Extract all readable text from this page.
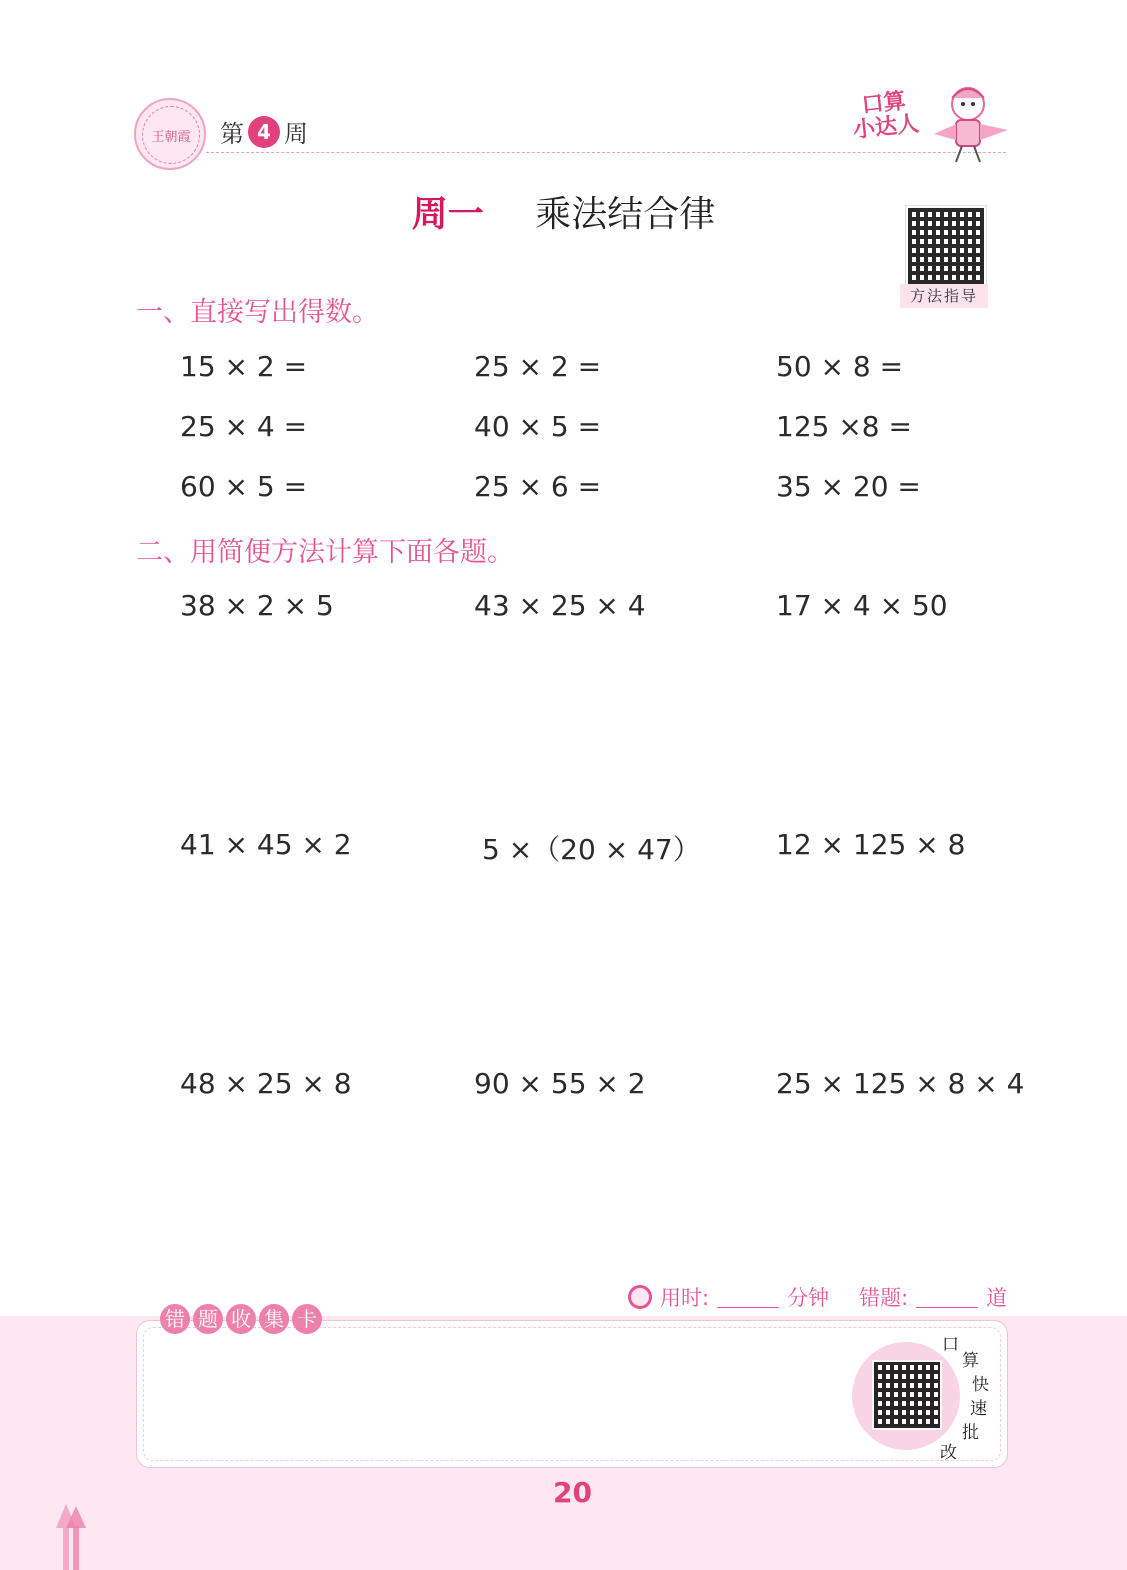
王朝霞	第 4 周
口算
小达人
周一 乘法结合律
方法指导
一、直接写出得数。
15 × 2 =	25 × 2 =	50 × 8 =
25 × 4 =	40 × 5 =	125 ×8 =
60 × 5 =	25 × 6 =	35 × 20 =
二、用简便方法计算下面各题。
38 × 2 × 5	43 × 25 × 4	17 × 4 × 50
41 × 45 × 2	5 ×（20 × 47）	12 × 125 × 8
48 × 25 × 8	90 × 55 × 2	25 × 125 × 8 × 4
用时:	分钟 错题:	道
错 题 收 集 卡
口
算
快
速
批
改
20
